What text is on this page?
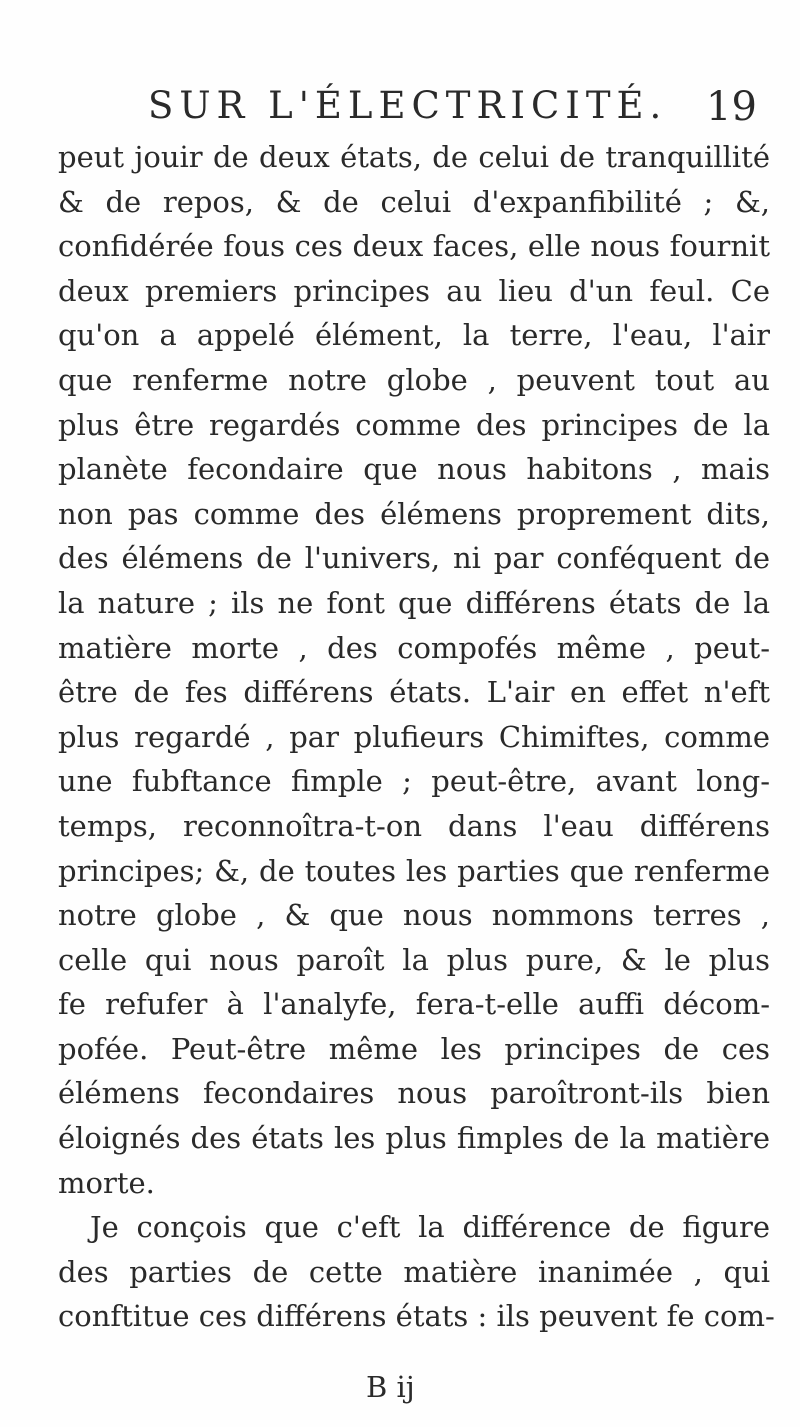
SUR L'ÉLECTRICITÉ. 19
peut jouir de deux états, de celui de tranquillité
& de repos, & de celui d'expanfibilité ; &,
confidérée fous ces deux faces, elle nous fournit
deux premiers principes au lieu d'un feul. Ce
qu'on a appelé élément, la terre, l'eau, l'air
que renferme notre globe , peuvent tout au
plus être regardés comme des principes de la
planète fecondaire que nous habitons , mais
non pas comme des élémens proprement dits,
des élémens de l'univers, ni par conféquent de
la nature ; ils ne font que différens états de la
matière morte , des compofés même , peut-
être de fes différens états. L'air en effet n'eft
plus regardé , par plufieurs Chimiftes, comme
une fubftance fimple ; peut-être, avant long-
temps, reconnoîtra-t-on dans l'eau différens
principes; &, de toutes les parties que renferme
notre globe , & que nous nommons terres ,
celle qui nous paroît la plus pure, & le plus
fe refufer à l'analyfe, fera-t-elle auffi décom-
pofée. Peut-être même les principes de ces
élémens fecondaires nous paroîtront-ils bien
éloignés des états les plus fimples de la matière
morte.
Je conçois que c'eft la différence de figure
des parties de cette matière inanimée , qui
conftitue ces différens états : ils peuvent fe com-
B ij
